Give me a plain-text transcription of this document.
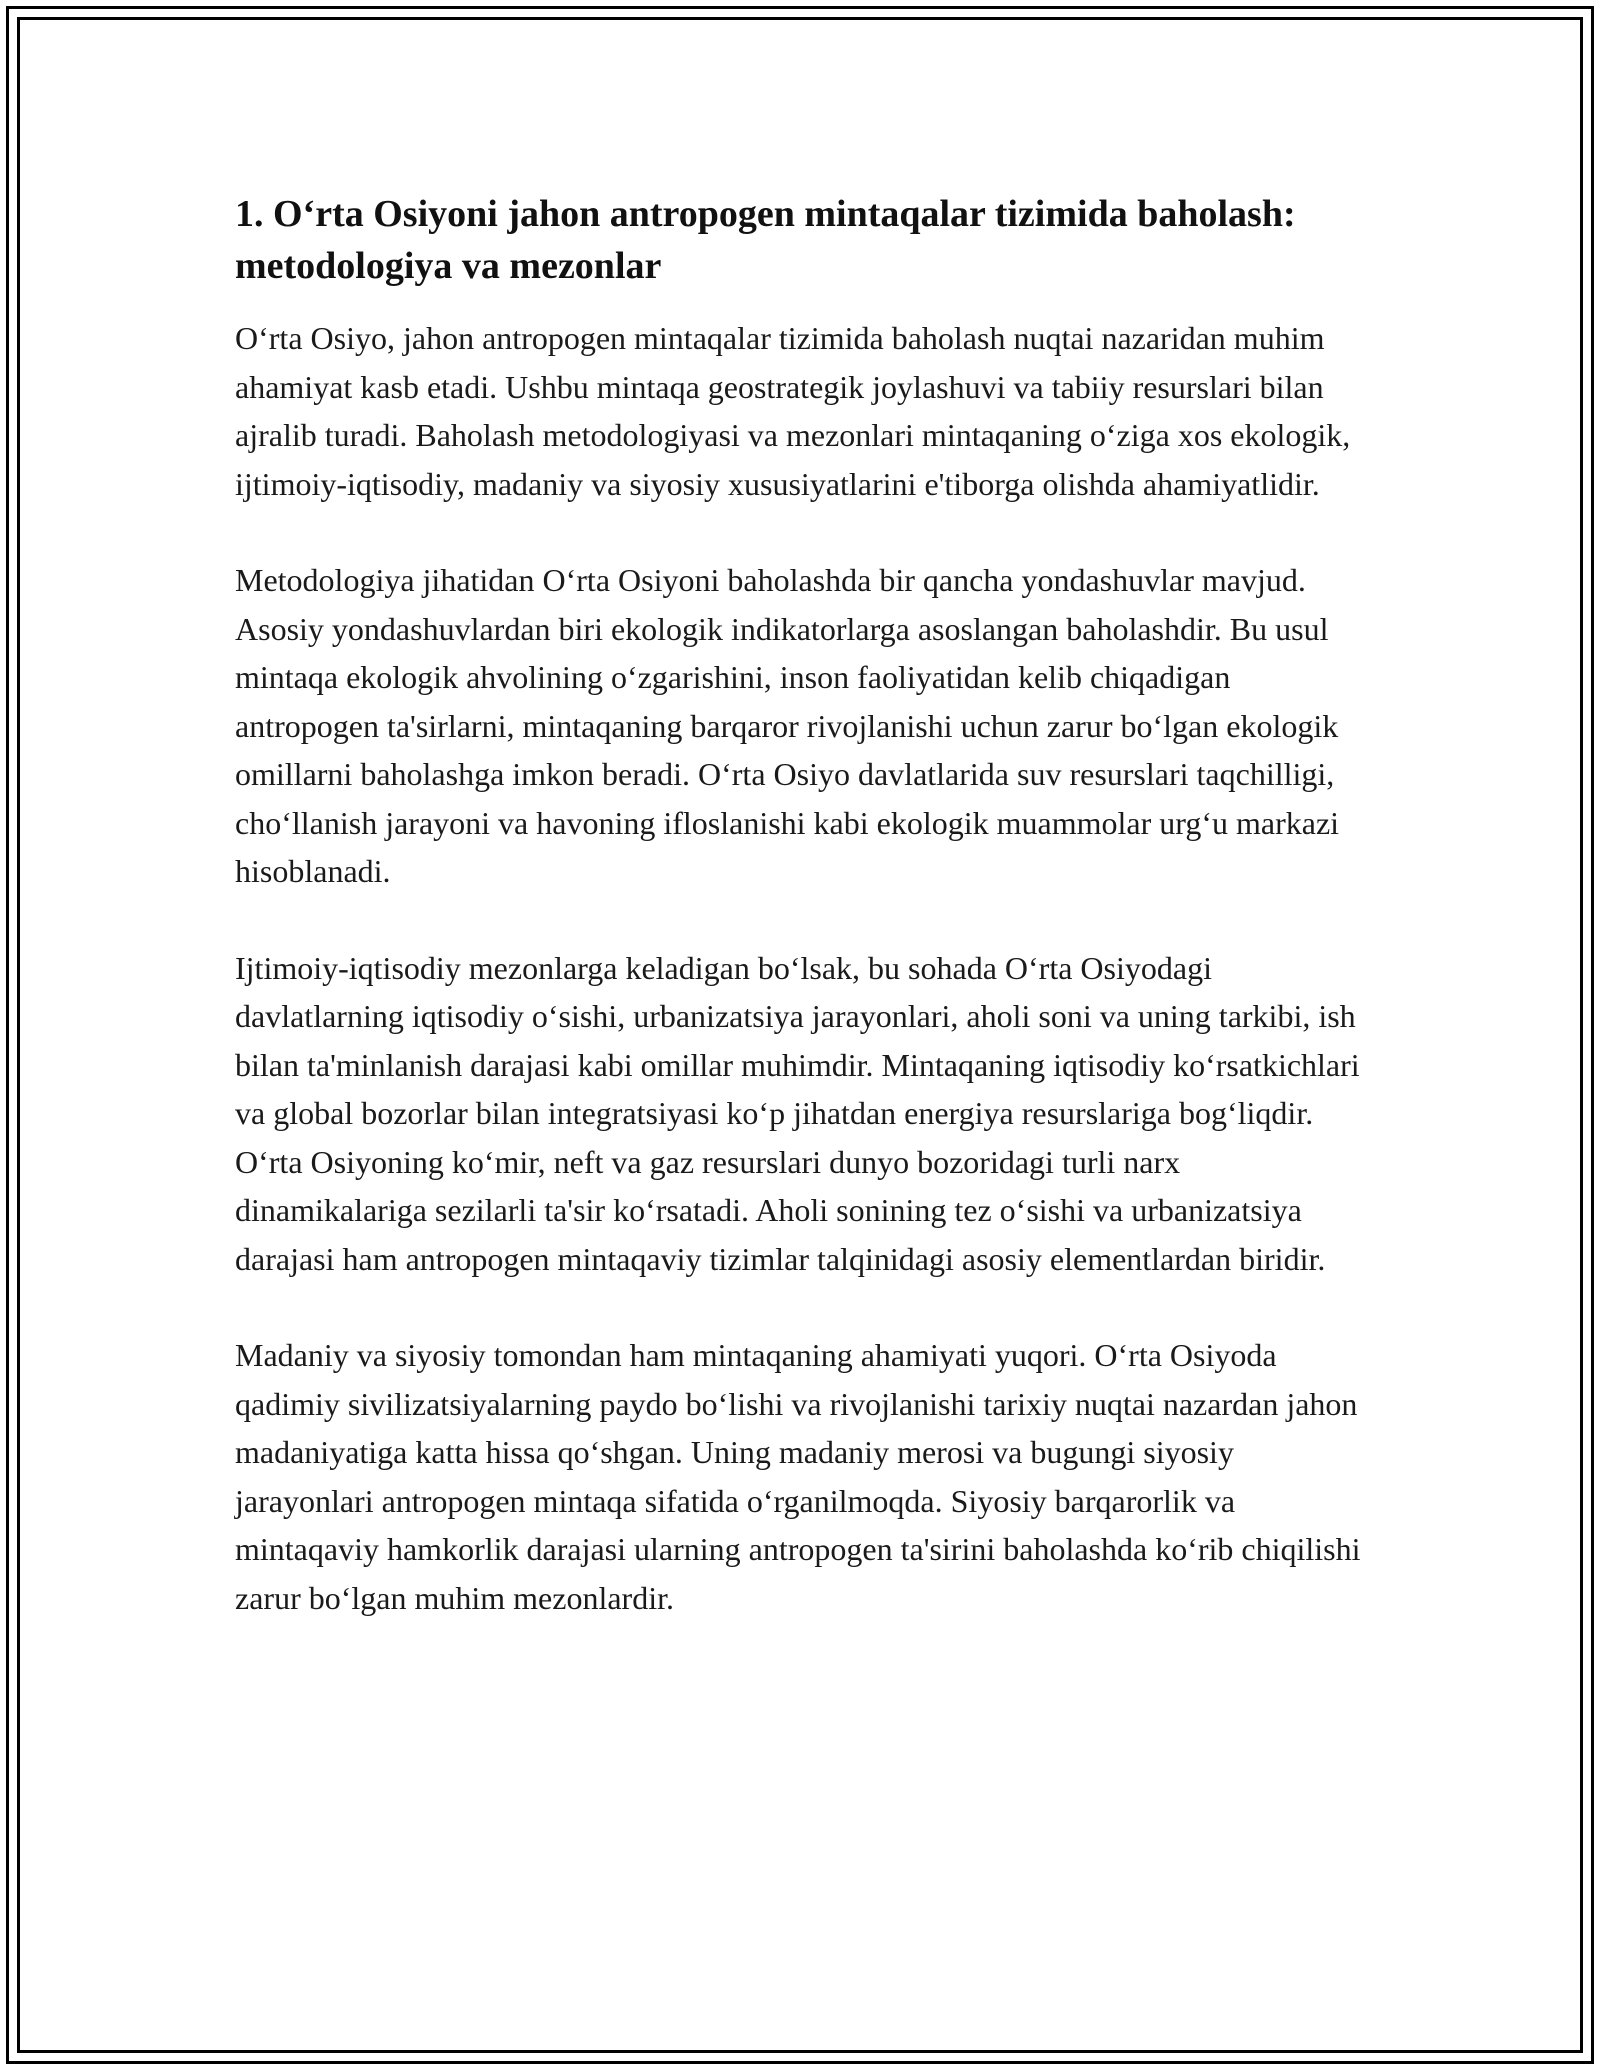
1. O‘rta Osiyoni jahon antropogen mintaqalar tizimida baholash: metodologiya va mezonlar

O‘rta Osiyo, jahon antropogen mintaqalar tizimida baholash nuqtai nazaridan muhim ahamiyat kasb etadi. Ushbu mintaqa geostrategik joylashuvi va tabiiy resurslari bilan ajralib turadi. Baholash metodologiyasi va mezonlari mintaqaning o‘ziga xos ekologik, ijtimoiy-iqtisodiy, madaniy va siyosiy xususiyatlarini e'tiborga olishda ahamiyatlidir.

Metodologiya jihatidan O‘rta Osiyoni baholashda bir qancha yondashuvlar mavjud. Asosiy yondashuvlardan biri ekologik indikatorlarga asoslangan baholashdir. Bu usul mintaqa ekologik ahvolining o‘zgarishini, inson faoliyatidan kelib chiqadigan antropogen ta'sirlarni, mintaqaning barqaror rivojlanishi uchun zarur bo‘lgan ekologik omillarni baholashga imkon beradi. O‘rta Osiyo davlatlarida suv resurslari taqchilligi, cho‘llanish jarayoni va havoning ifloslanishi kabi ekologik muammolar urg‘u markazi hisoblanadi.

Ijtimoiy-iqtisodiy mezonlarga keladigan bo‘lsak, bu sohada O‘rta Osiyodagi davlatlarning iqtisodiy o‘sishi, urbanizatsiya jarayonlari, aholi soni va uning tarkibi, ish bilan ta'minlanish darajasi kabi omillar muhimdir. Mintaqaning iqtisodiy ko‘rsatkichlari va global bozorlar bilan integratsiyasi ko‘p jihatdan energiya resurslariga bog‘liqdir. O‘rta Osiyoning ko‘mir, neft va gaz resurslari dunyo bozoridagi turli narx dinamikalariga sezilarli ta'sir ko‘rsatadi. Aholi sonining tez o‘sishi va urbanizatsiya darajasi ham antropogen mintaqaviy tizimlar talqinidagi asosiy elementlardan biridir.

Madaniy va siyosiy tomondan ham mintaqaning ahamiyati yuqori. O‘rta Osiyoda qadimiy sivilizatsiyalarning paydo bo‘lishi va rivojlanishi tarixiy nuqtai nazardan jahon madaniyatiga katta hissa qo‘shgan. Uning madaniy merosi va bugungi siyosiy jarayonlari antropogen mintaqa sifatida o‘rganilmoqda. Siyosiy barqarorlik va mintaqaviy hamkorlik darajasi ularning antropogen ta'sirini baholashda ko‘rib chiqilishi zarur bo‘lgan muhim mezonlardir.
